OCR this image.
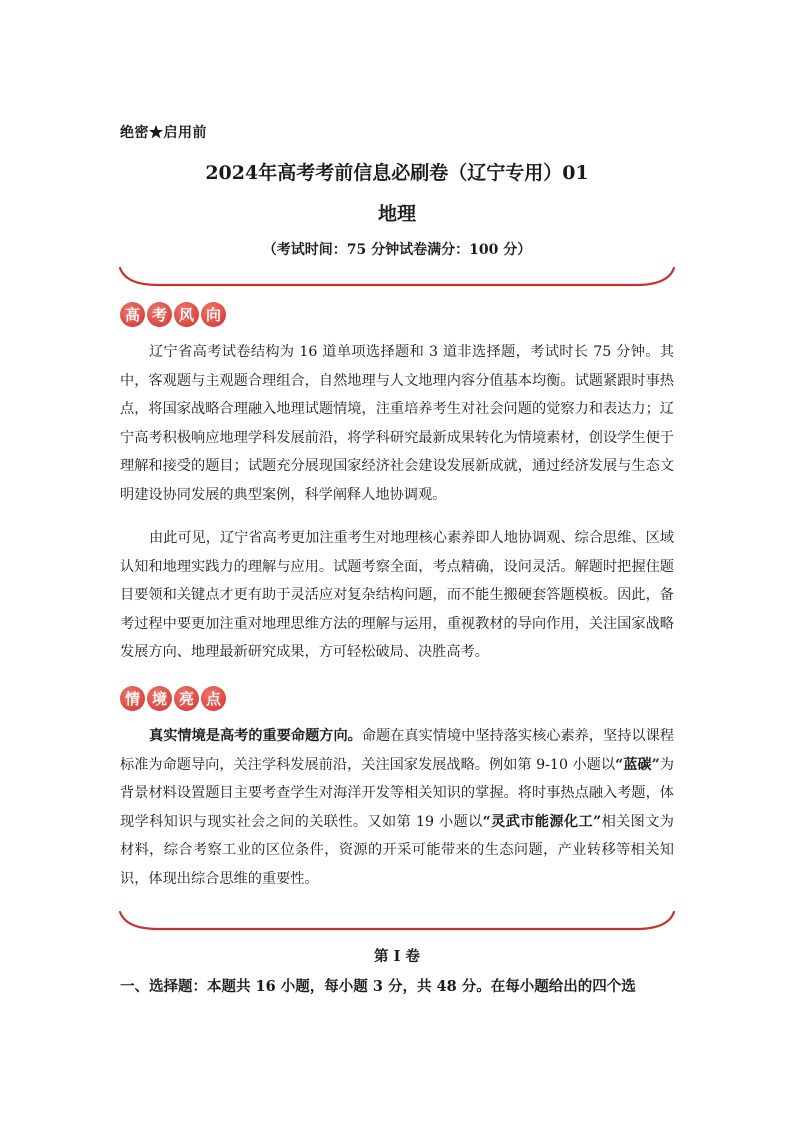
绝密★启用前
2024年高考考前信息必刷卷（辽宁专用）01
地理
（考试时间：75 分钟试卷满分：100 分）
高 考 风 向

辽宁省高考试卷结构为 16 道单项选择题和 3 道非选择题，考试时长 75 分钟。其中，客观题与主观题合理组合，自然地理与人文地理内容分值基本均衡。试题紧跟时事热点，将国家战略合理融入地理试题情境，注重培养考生对社会问题的觉察力和表达力；辽宁高考积极响应地理学科发展前沿，将学科研究最新成果转化为情境素材，创设学生便于理解和接受的题目；试题充分展现国家经济社会建设发展新成就，通过经济发展与生态文明建设协同发展的典型案例，科学阐释人地协调观。

由此可见，辽宁省高考更加注重考生对地理核心素养即人地协调观、综合思维、区域认知和地理实践力的理解与应用。试题考察全面，考点精确，设问灵活。解题时把握住题目要领和关键点才更有助于灵活应对复杂结构问题，而不能生搬硬套答题模板。因此，备考过程中要更加注重对地理思维方法的理解与运用，重视教材的导向作用，关注国家战略发展方向、地理最新研究成果，方可轻松破局、决胜高考。

情 境 亮 点

真实情境是高考的重要命题方向。命题在真实情境中坚持落实核心素养，坚持以课程标准为命题导向，关注学科发展前沿，关注国家发展战略。例如第 9-10 小题以“蓝碳”为背景材料设置题目主要考查学生对海洋开发等相关知识的掌握。将时事热点融入考题，体现学科知识与现实社会之间的关联性。又如第 19 小题以“灵武市能源化工”相关图文为材料，综合考察工业的区位条件，资源的开采可能带来的生态问题，产业转移等相关知识，体现出综合思维的重要性。

第 I 卷
一、选择题：本题共 16 小题，每小题 3 分，共 48 分。在每小题给出的四个选
